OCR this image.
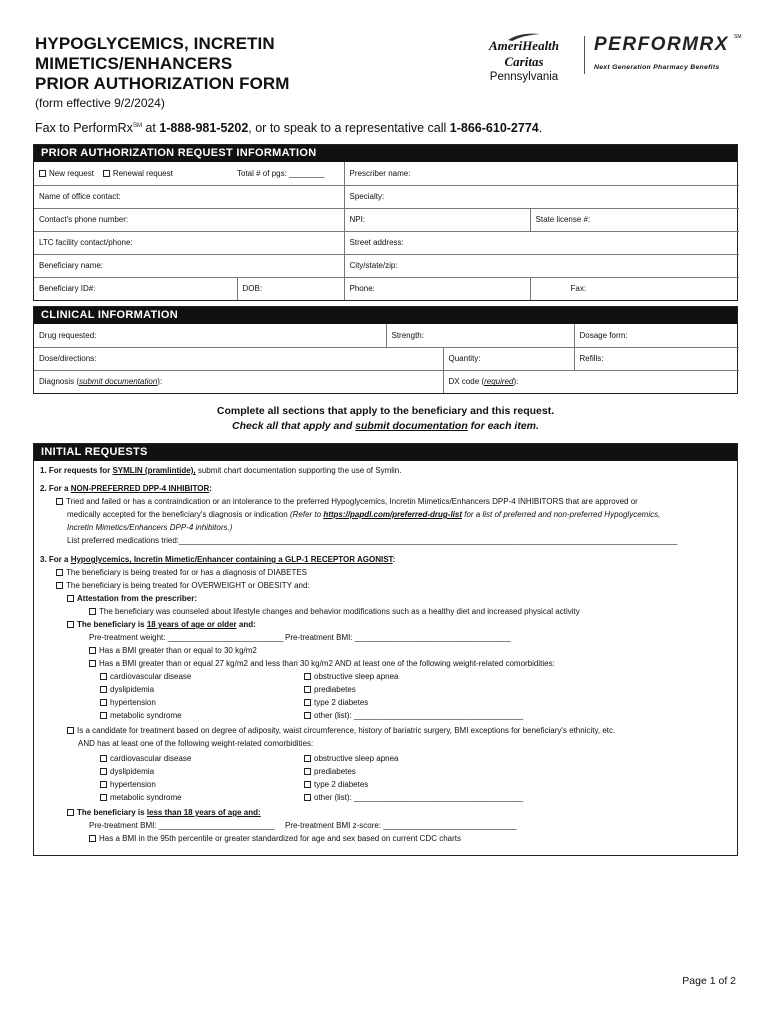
HYPOGLYCEMICS, INCRETIN
MIMETICS/ENHANCERS
PRIOR AUTHORIZATION FORM
(form effective 9/2/2024)
Fax to PerformRx℠ at 1-888-981-5202, or to speak to a representative call 1-866-610-2774.
AmeriHealth Caritas
Pennsylvania
PERFORMRX	SM
Next Generation Pharmacy Benefits
PRIOR AUTHORIZATION REQUEST INFORMATION
New request Renewal request Total # of pgs: ________		Prescriber name:	
Name of office contact:		Specialty:	
Contact's phone number:		NPI:	State license #:
LTC facility contact/phone:		Street address:	
Beneficiary name:		City/state/zip:	
Beneficiary ID#:	DOB:	Phone:	Fax:
CLINICAL INFORMATION
Drug requested:	Strength:		Dosage form:
Dose/directions:		Quantity:	Refills:
Diagnosis (submit documentation):		DX code (required):	
Complete all sections that apply to the beneficiary and this request.
Check all that apply and submit documentation for each item.
INITIAL REQUESTS
1. For requests for SYMLIN (pramlintide), submit chart documentation supporting the use of Symlin.
2. For a NON-PREFERRED DPP-4 INHIBITOR:
Tried and failed or has a contraindication or an intolerance to the preferred Hypoglycemics, Incretin Mimetics/Enhancers DPP-4 INHIBITORS that are approved or
medically accepted for the beneficiary's diagnosis or indication (Refer to https://papdl.com/preferred-drug-list for a list of preferred and non-preferred Hypoglycemics,
Incretin Mimetics/Enhancers DPP-4 inhibitors.)
List preferred medications tried:________________________________________________________________________________________________________________
3. For a Hypoglycemics, Incretin Mimetic/Enhancer containing a GLP-1 RECEPTOR AGONIST:
The beneficiary is being treated for or has a diagnosis of DIABETES
The beneficiary is being treated for OVERWEIGHT or OBESITY and:
Attestation from the prescriber:
The beneficiary was counseled about lifestyle changes and behavior modifications such as a healthy diet and increased physical activity
The beneficiary is 18 years of age or older and:
Pre-treatment weight: __________________________ Pre-treatment BMI: ___________________________________
Has a BMI greater than or equal to 30 kg/m2
Has a BMI greater than or equal 27 kg/m2 and less than 30 kg/m2 AND at least one of the following weight-related comorbidities:
cardiovascular disease	obstructive sleep apnea
dyslipidemia	prediabetes
hypertension	type 2 diabetes
metabolic syndrome	other (list): ______________________________________
Is a candidate for treatment based on degree of adiposity, waist circumference, history of bariatric surgery, BMI exceptions for beneficiary's ethnicity, etc.
AND has at least one of the following weight-related comorbidities:
cardiovascular disease	obstructive sleep apnea
dyslipidemia	prediabetes
hypertension	type 2 diabetes
metabolic syndrome	other (list): ______________________________________
The beneficiary is less than 18 years of age and:
Pre-treatment BMI: __________________________ Pre-treatment BMI z-score: ______________________________
Has a BMI in the 95th percentile or greater standardized for age and sex based on current CDC charts
Page 1 of 2
